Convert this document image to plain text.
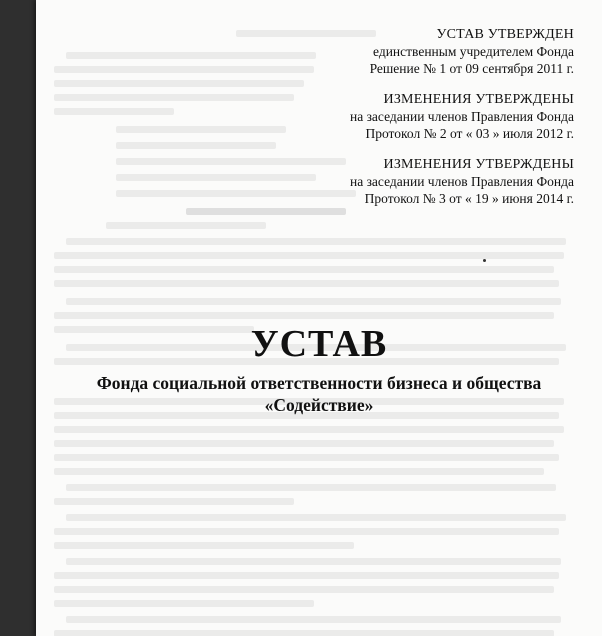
УСТАВ УТВЕРЖДЕН
единственным учредителем Фонда
Решение № 1 от 09 сентября 2011 г.
ИЗМЕНЕНИЯ УТВЕРЖДЕНЫ
на заседании членов Правления Фонда
Протокол № 2 от « 03 » июля 2012 г.
ИЗМЕНЕНИЯ УТВЕРЖДЕНЫ
на заседании членов Правления Фонда
Протокол № 3 от « 19 » июня 2014 г.
УСТАВ

Фонда социальной ответственности бизнеса и общества

«Содействие»
